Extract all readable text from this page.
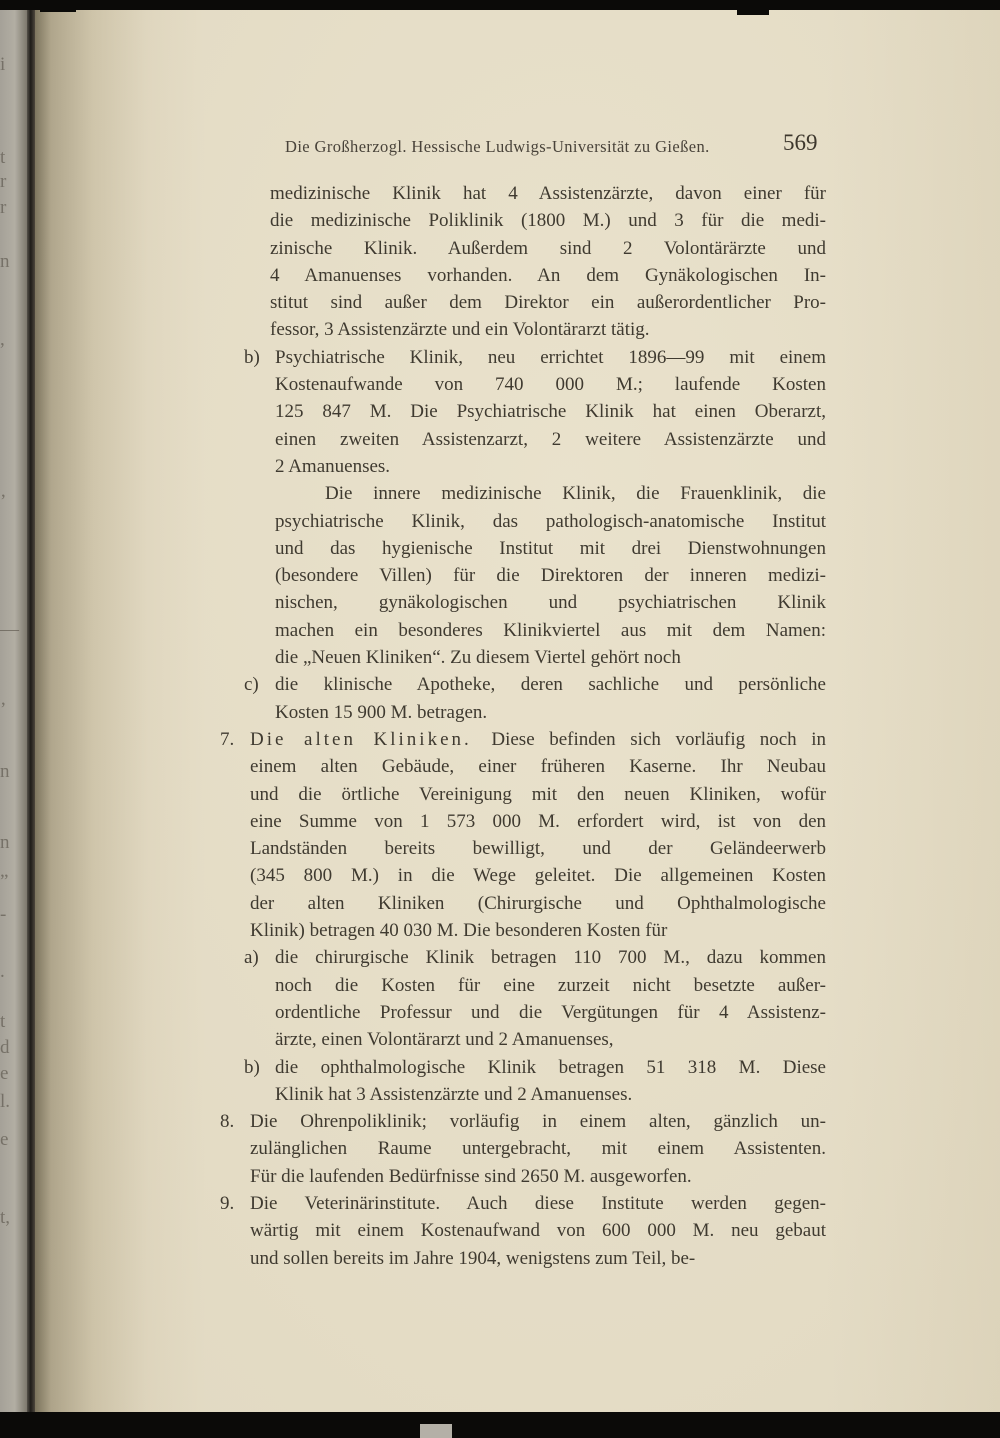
i
t
r
r
n
,
’
—
’
n
n
”
-
.
t
d
e
l.
e
t,
Die Großherzogl. Hessische Ludwigs-Universität zu Gießen.	569
medizinische Klinik hat 4 Assistenzärzte, davon einer für
die medizinische Poliklinik (1800 M.) und 3 für die medi-
zinische Klinik. Außerdem sind 2 Volontärärzte und
4 Amanuenses vorhanden. An dem Gynäkologischen In-
stitut sind außer dem Direktor ein außerordentlicher Pro-
fessor, 3 Assistenzärzte und ein Volontärarzt tätig.
b) Psychiatrische Klinik, neu errichtet 1896—99 mit einem
Kostenaufwande von 740 000 M.; laufende Kosten
125 847 M. Die Psychiatrische Klinik hat einen Oberarzt,
einen zweiten Assistenzarzt, 2 weitere Assistenzärzte und
2 Amanuenses.
Die innere medizinische Klinik, die Frauenklinik, die
psychiatrische Klinik, das pathologisch-anatomische Institut
und das hygienische Institut mit drei Dienstwohnungen
(besondere Villen) für die Direktoren der inneren medizi-
nischen, gynäkologischen und psychiatrischen Klinik
machen ein besonderes Klinikviertel aus mit dem Namen:
die „Neuen Kliniken“. Zu diesem Viertel gehört noch
c) die klinische Apotheke, deren sachliche und persönliche
Kosten 15 900 M. betragen.
7. Die alten Kliniken. Diese befinden sich vorläufig noch in
einem alten Gebäude, einer früheren Kaserne. Ihr Neubau
und die örtliche Vereinigung mit den neuen Kliniken, wofür
eine Summe von 1 573 000 M. erfordert wird, ist von den
Landständen bereits bewilligt, und der Geländeerwerb
(345 800 M.) in die Wege geleitet. Die allgemeinen Kosten
der alten Kliniken (Chirurgische und Ophthalmologische
Klinik) betragen 40 030 M. Die besonderen Kosten für
a) die chirurgische Klinik betragen 110 700 M., dazu kommen
noch die Kosten für eine zurzeit nicht besetzte außer-
ordentliche Professur und die Vergütungen für 4 Assistenz-
ärzte, einen Volontärarzt und 2 Amanuenses,
b) die ophthalmologische Klinik betragen 51 318 M. Diese
Klinik hat 3 Assistenzärzte und 2 Amanuenses.
8. Die Ohrenpoliklinik; vorläufig in einem alten, gänzlich un-
zulänglichen Raume untergebracht, mit einem Assistenten.
Für die laufenden Bedürfnisse sind 2650 M. ausgeworfen.
9. Die Veterinärinstitute. Auch diese Institute werden gegen-
wärtig mit einem Kostenaufwand von 600 000 M. neu gebaut
und sollen bereits im Jahre 1904, wenigstens zum Teil, be-
